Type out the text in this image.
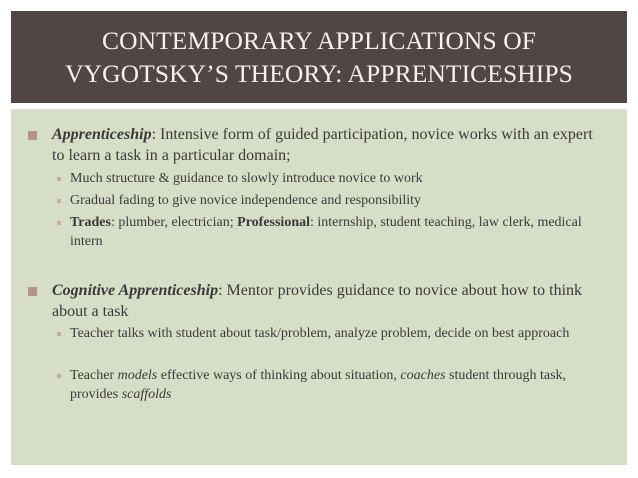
CONTEMPORARY APPLICATIONS OF
VYGOTSKY’S THEORY: APPRENTICESHIPS
Apprenticeship: Intensive form of guided participation, novice works with an expert to learn a task in a particular domain;
Much structure & guidance to slowly introduce novice to work
Gradual fading to give novice independence and responsibility
Trades: plumber, electrician; Professional: internship, student teaching, law clerk, medical intern
Cognitive Apprenticeship: Mentor provides guidance to novice about how to think about a task
Teacher talks with student about task/problem, analyze problem, decide on best approach
Teacher models effective ways of thinking about situation, coaches student through task, provides scaffolds
